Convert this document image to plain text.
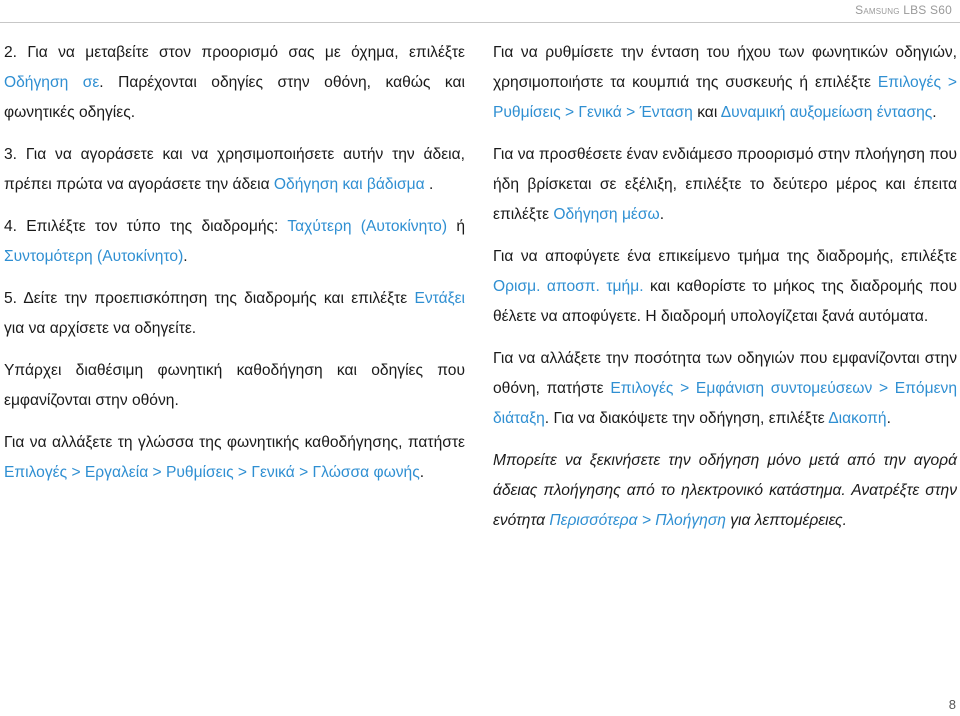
Samsung LBS S60

2. Για να μεταβείτε στον προορισμό σας με όχημα, επιλέξτε Οδήγηση σε. Παρέχονται οδηγίες στην οθόνη, καθώς και φωνητικές οδηγίες.

3. Για να αγοράσετε και να χρησιμοποιήσετε αυτήν την άδεια, πρέπει πρώτα να αγοράσετε την άδεια Οδήγηση και βάδισμα .

4. Επιλέξτε τον τύπο της διαδρομής: Ταχύτερη (Αυτοκίνητο) ή Συντομότερη (Αυτοκίνητο).

5. Δείτε την προεπισκόπηση της διαδρομής και επιλέξτε Εντάξει για να αρχίσετε να οδηγείτε.

Υπάρχει διαθέσιμη φωνητική καθοδήγηση και οδηγίες που εμφανίζονται στην οθόνη.

Για να αλλάξετε τη γλώσσα της φωνητικής καθοδήγησης, πατήστε Επιλογές > Εργαλεία > Ρυθμίσεις > Γενικά > Γλώσσα φωνής.

Για να ρυθμίσετε την ένταση του ήχου των φωνητικών οδηγιών, χρησιμοποιήστε τα κουμπιά της συσκευής ή επιλέξτε Επιλογές > Ρυθμίσεις > Γενικά > Ένταση και Δυναμική αυξομείωση έντασης.

Για να προσθέσετε έναν ενδιάμεσο προορισμό στην πλοήγηση που ήδη βρίσκεται σε εξέλιξη, επιλέξτε το δεύτερο μέρος και έπειτα επιλέξτε Οδήγηση μέσω.

Για να αποφύγετε ένα επικείμενο τμήμα της διαδρομής, επιλέξτε Ορισμ. αποσπ. τμήμ. και καθορίστε το μήκος της διαδρομής που θέλετε να αποφύγετε. Η διαδρομή υπολογίζεται ξανά αυτόματα.

Για να αλλάξετε την ποσότητα των οδηγιών που εμφανίζονται στην οθόνη, πατήστε Επιλογές > Εμφάνιση συντομεύσεων > Επόμενη διάταξη. Για να διακόψετε την οδήγηση, επιλέξτε Διακοπή.

Μπορείτε να ξεκινήσετε την οδήγηση μόνο μετά από την αγορά άδειας πλοήγησης από το ηλεκτρονικό κατάστημα. Ανατρέξτε στην ενότητα Περισσότερα > Πλοήγηση για λεπτομέρειες.

8
